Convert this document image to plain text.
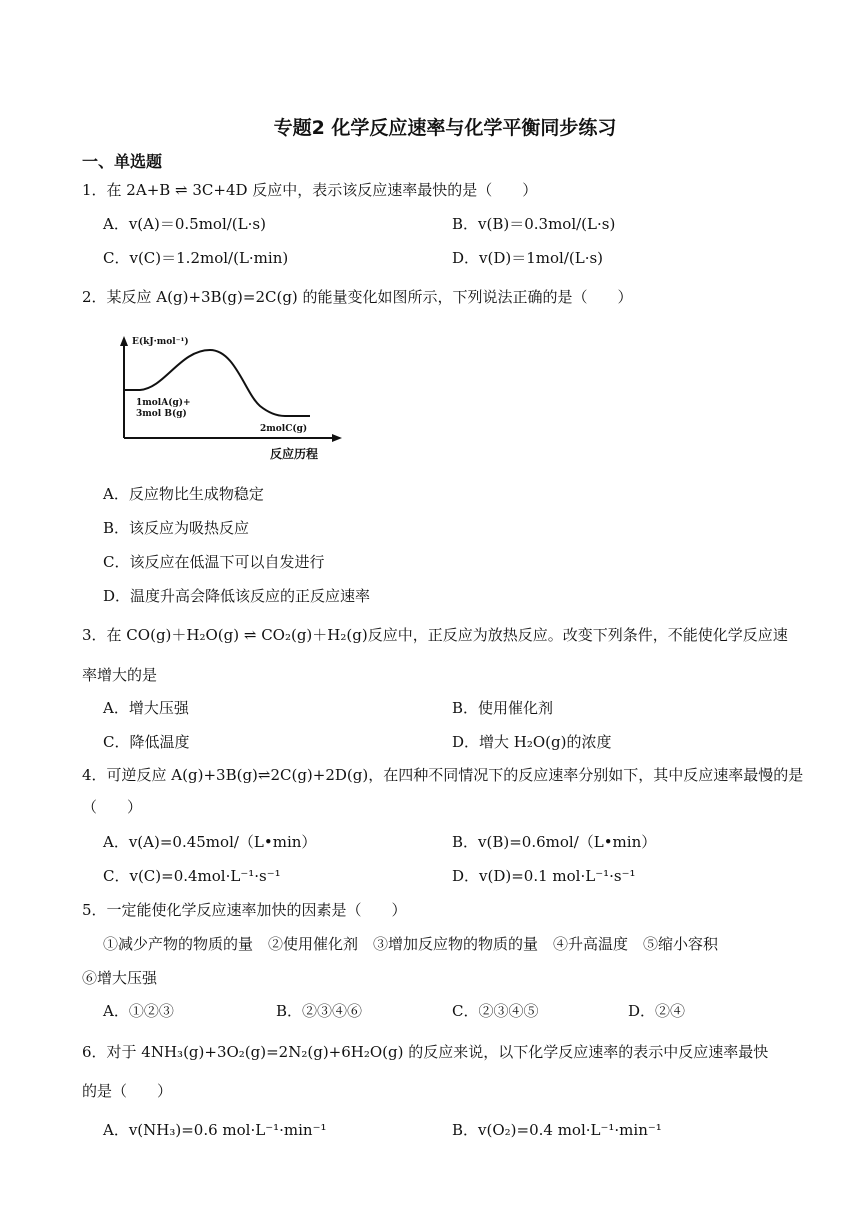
专题2 化学反应速率与化学平衡同步练习
一、单选题
1．在 2A+B ⇌ 3C+4D 反应中，表示该反应速率最快的是（　　）
A．v(A)＝0.5mol/(L·s)	B．v(B)＝0.3mol/(L·s)
C．v(C)＝1.2mol/(L·min)	D．v(D)＝1mol/(L·s)
2．某反应 A(g)+3B(g)=2C(g) 的能量变化如图所示，下列说法正确的是（　　）
E(kJ·mol⁻¹)
1molA(g)+
3mol B(g)
2molC(g)
反应历程
A．反应物比生成物稳定
B．该反应为吸热反应
C．该反应在低温下可以自发进行
D．温度升高会降低该反应的正反应速率
3．在 CO(g)＋H₂O(g) ⇌ CO₂(g)＋H₂(g)反应中，正反应为放热反应。改变下列条件，不能使化学反应速
率增大的是
A．增大压强	B．使用催化剂
C．降低温度	D．增大 H₂O(g)的浓度
4．可逆反应 A(g)+3B(g)⇌2C(g)+2D(g)，在四种不同情况下的反应速率分别如下，其中反应速率最慢的是
（　　）
A．v(A)=0.45mol/（L•min）	B．v(B)=0.6mol/（L•min）
C．v(C)=0.4mol·L⁻¹·s⁻¹	D．v(D)=0.1 mol·L⁻¹·s⁻¹
5．一定能使化学反应速率加快的因素是（　　）
①减少产物的物质的量　②使用催化剂　③增加反应物的物质的量　④升高温度　⑤缩小容积
⑥增大压强
A．①②③	B．②③④⑥	C．②③④⑤	D．②④
6．对于 4NH₃(g)+3O₂(g)=2N₂(g)+6H₂O(g) 的反应来说，以下化学反应速率的表示中反应速率最快
的是（　　）
A．v(NH₃)=0.6 mol·L⁻¹·min⁻¹	B．v(O₂)=0.4 mol·L⁻¹·min⁻¹
